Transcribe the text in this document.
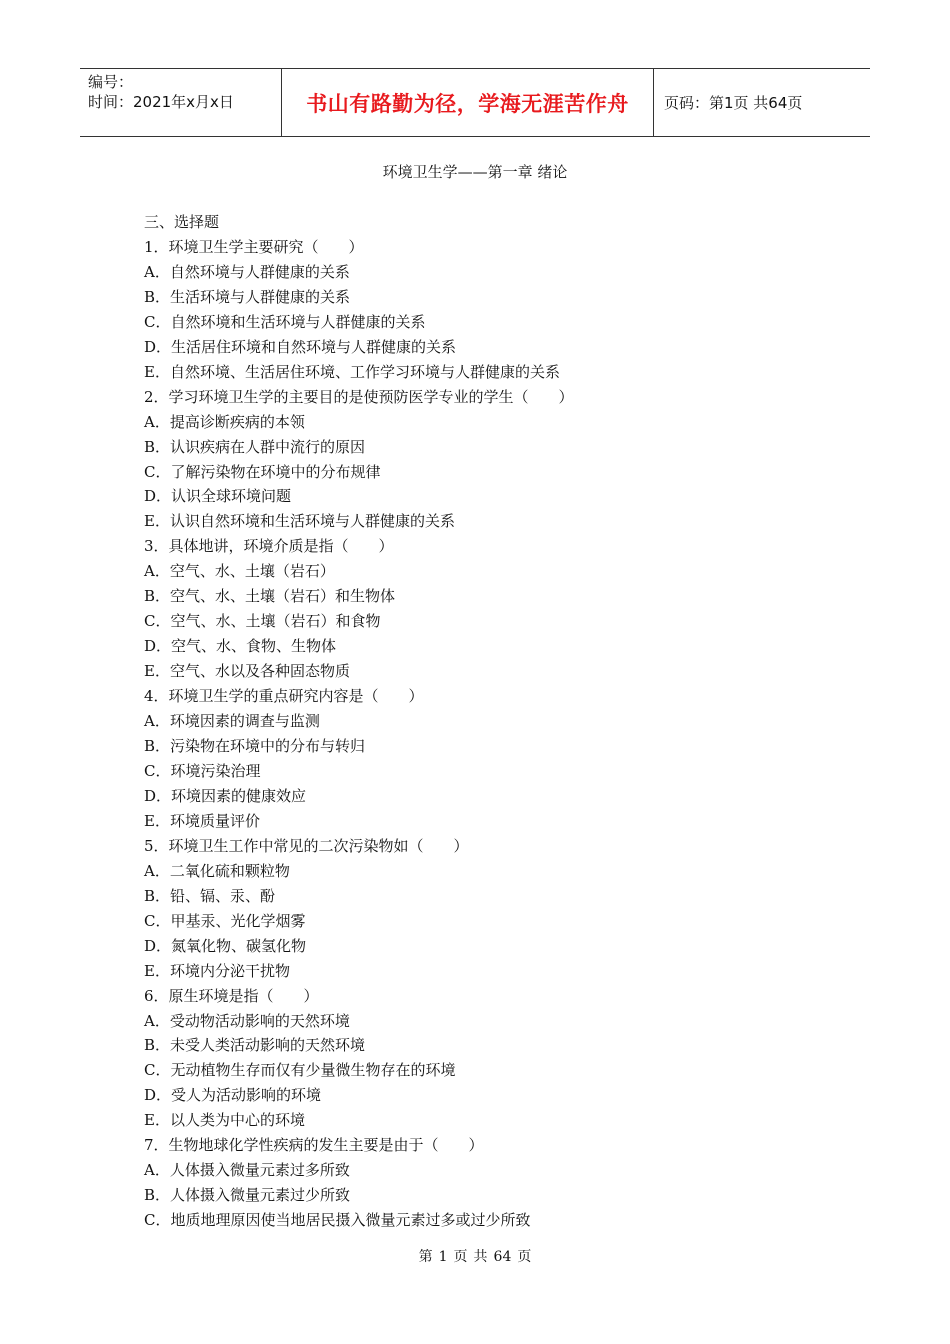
编号：
时间：2021年x月x日	书山有路勤为径，学海无涯苦作舟 页码：第1页 共64页
环境卫生学——第一章 绪论
三、选择题
1．环境卫生学主要研究（　　）
A．自然环境与人群健康的关系
B．生活环境与人群健康的关系
C．自然环境和生活环境与人群健康的关系
D．生活居住环境和自然环境与人群健康的关系
E．自然环境、生活居住环境、工作学习环境与人群健康的关系
2．学习环境卫生学的主要目的是使预防医学专业的学生（　　）
A．提高诊断疾病的本领
B．认识疾病在人群中流行的原因
C．了解污染物在环境中的分布规律
D．认识全球环境问题
E．认识自然环境和生活环境与人群健康的关系
3．具体地讲，环境介质是指（　　）
A．空气、水、土壤（岩石）
B．空气、水、土壤（岩石）和生物体
C．空气、水、土壤（岩石）和食物
D．空气、水、食物、生物体
E．空气、水以及各种固态物质
4．环境卫生学的重点研究内容是（　　）
A．环境因素的调查与监测
B．污染物在环境中的分布与转归
C．环境污染治理
D．环境因素的健康效应
E．环境质量评价
5．环境卫生工作中常见的二次污染物如（　　）
A．二氧化硫和颗粒物
B．铅、镉、汞、酚
C．甲基汞、光化学烟雾
D．氮氧化物、碳氢化物
E．环境内分泌干扰物
6．原生环境是指（　　）
A．受动物活动影响的天然环境
B．未受人类活动影响的天然环境
C．无动植物生存而仅有少量微生物存在的环境
D．受人为活动影响的环境
E．以人类为中心的环境
7．生物地球化学性疾病的发生主要是由于（　　）
A．人体摄入微量元素过多所致
B．人体摄入微量元素过少所致
C．地质地理原因使当地居民摄入微量元素过多或过少所致
第 1 页 共 64 页
